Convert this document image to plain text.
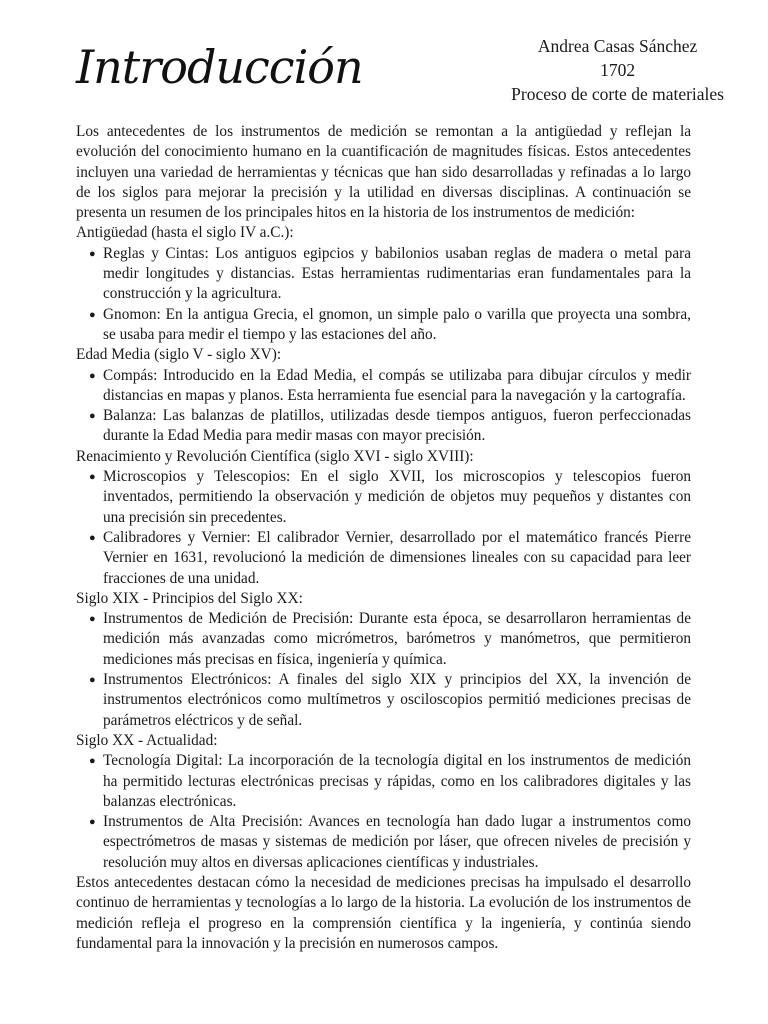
Introducción	Andrea Casas Sánchez
1702
Proceso de corte de materiales

Los antecedentes de los instrumentos de medición se remontan a la antigüedad y reflejan la evolución del conocimiento humano en la cuantificación de magnitudes físicas. Estos antecedentes incluyen una variedad de herramientas y técnicas que han sido desarrolladas y refinadas a lo largo de los siglos para mejorar la precisión y la utilidad en diversas disciplinas. A continuación se presenta un resumen de los principales hitos en la historia de los instrumentos de medición:

Antigüedad (hasta el siglo IV a.C.):
● Reglas y Cintas: Los antiguos egipcios y babilonios usaban reglas de madera o metal para medir longitudes y distancias. Estas herramientas rudimentarias eran fundamentales para la construcción y la agricultura.
● Gnomon: En la antigua Grecia, el gnomon, un simple palo o varilla que proyecta una sombra, se usaba para medir el tiempo y las estaciones del año.
Edad Media (siglo V - siglo XV):
● Compás: Introducido en la Edad Media, el compás se utilizaba para dibujar círculos y medir distancias en mapas y planos. Esta herramienta fue esencial para la navegación y la cartografía.
● Balanza: Las balanzas de platillos, utilizadas desde tiempos antiguos, fueron perfeccionadas durante la Edad Media para medir masas con mayor precisión.
Renacimiento y Revolución Científica (siglo XVI - siglo XVIII):
● Microscopios y Telescopios: En el siglo XVII, los microscopios y telescopios fueron inventados, permitiendo la observación y medición de objetos muy pequeños y distantes con una precisión sin precedentes.
● Calibradores y Vernier: El calibrador Vernier, desarrollado por el matemático francés Pierre Vernier en 1631, revolucionó la medición de dimensiones lineales con su capacidad para leer fracciones de una unidad.
Siglo XIX - Principios del Siglo XX:
● Instrumentos de Medición de Precisión: Durante esta época, se desarrollaron herramientas de medición más avanzadas como micrómetros, barómetros y manómetros, que permitieron mediciones más precisas en física, ingeniería y química.
● Instrumentos Electrónicos: A finales del siglo XIX y principios del XX, la invención de instrumentos electrónicos como multímetros y osciloscopios permitió mediciones precisas de parámetros eléctricos y de señal.
Siglo XX - Actualidad:
● Tecnología Digital: La incorporación de la tecnología digital en los instrumentos de medición ha permitido lecturas electrónicas precisas y rápidas, como en los calibradores digitales y las balanzas electrónicas.
● Instrumentos de Alta Precisión: Avances en tecnología han dado lugar a instrumentos como espectrómetros de masas y sistemas de medición por láser, que ofrecen niveles de precisión y resolución muy altos en diversas aplicaciones científicas y industriales.

Estos antecedentes destacan cómo la necesidad de mediciones precisas ha impulsado el desarrollo continuo de herramientas y tecnologías a lo largo de la historia. La evolución de los instrumentos de medición refleja el progreso en la comprensión científica y la ingeniería, y continúa siendo fundamental para la innovación y la precisión en numerosos campos.
